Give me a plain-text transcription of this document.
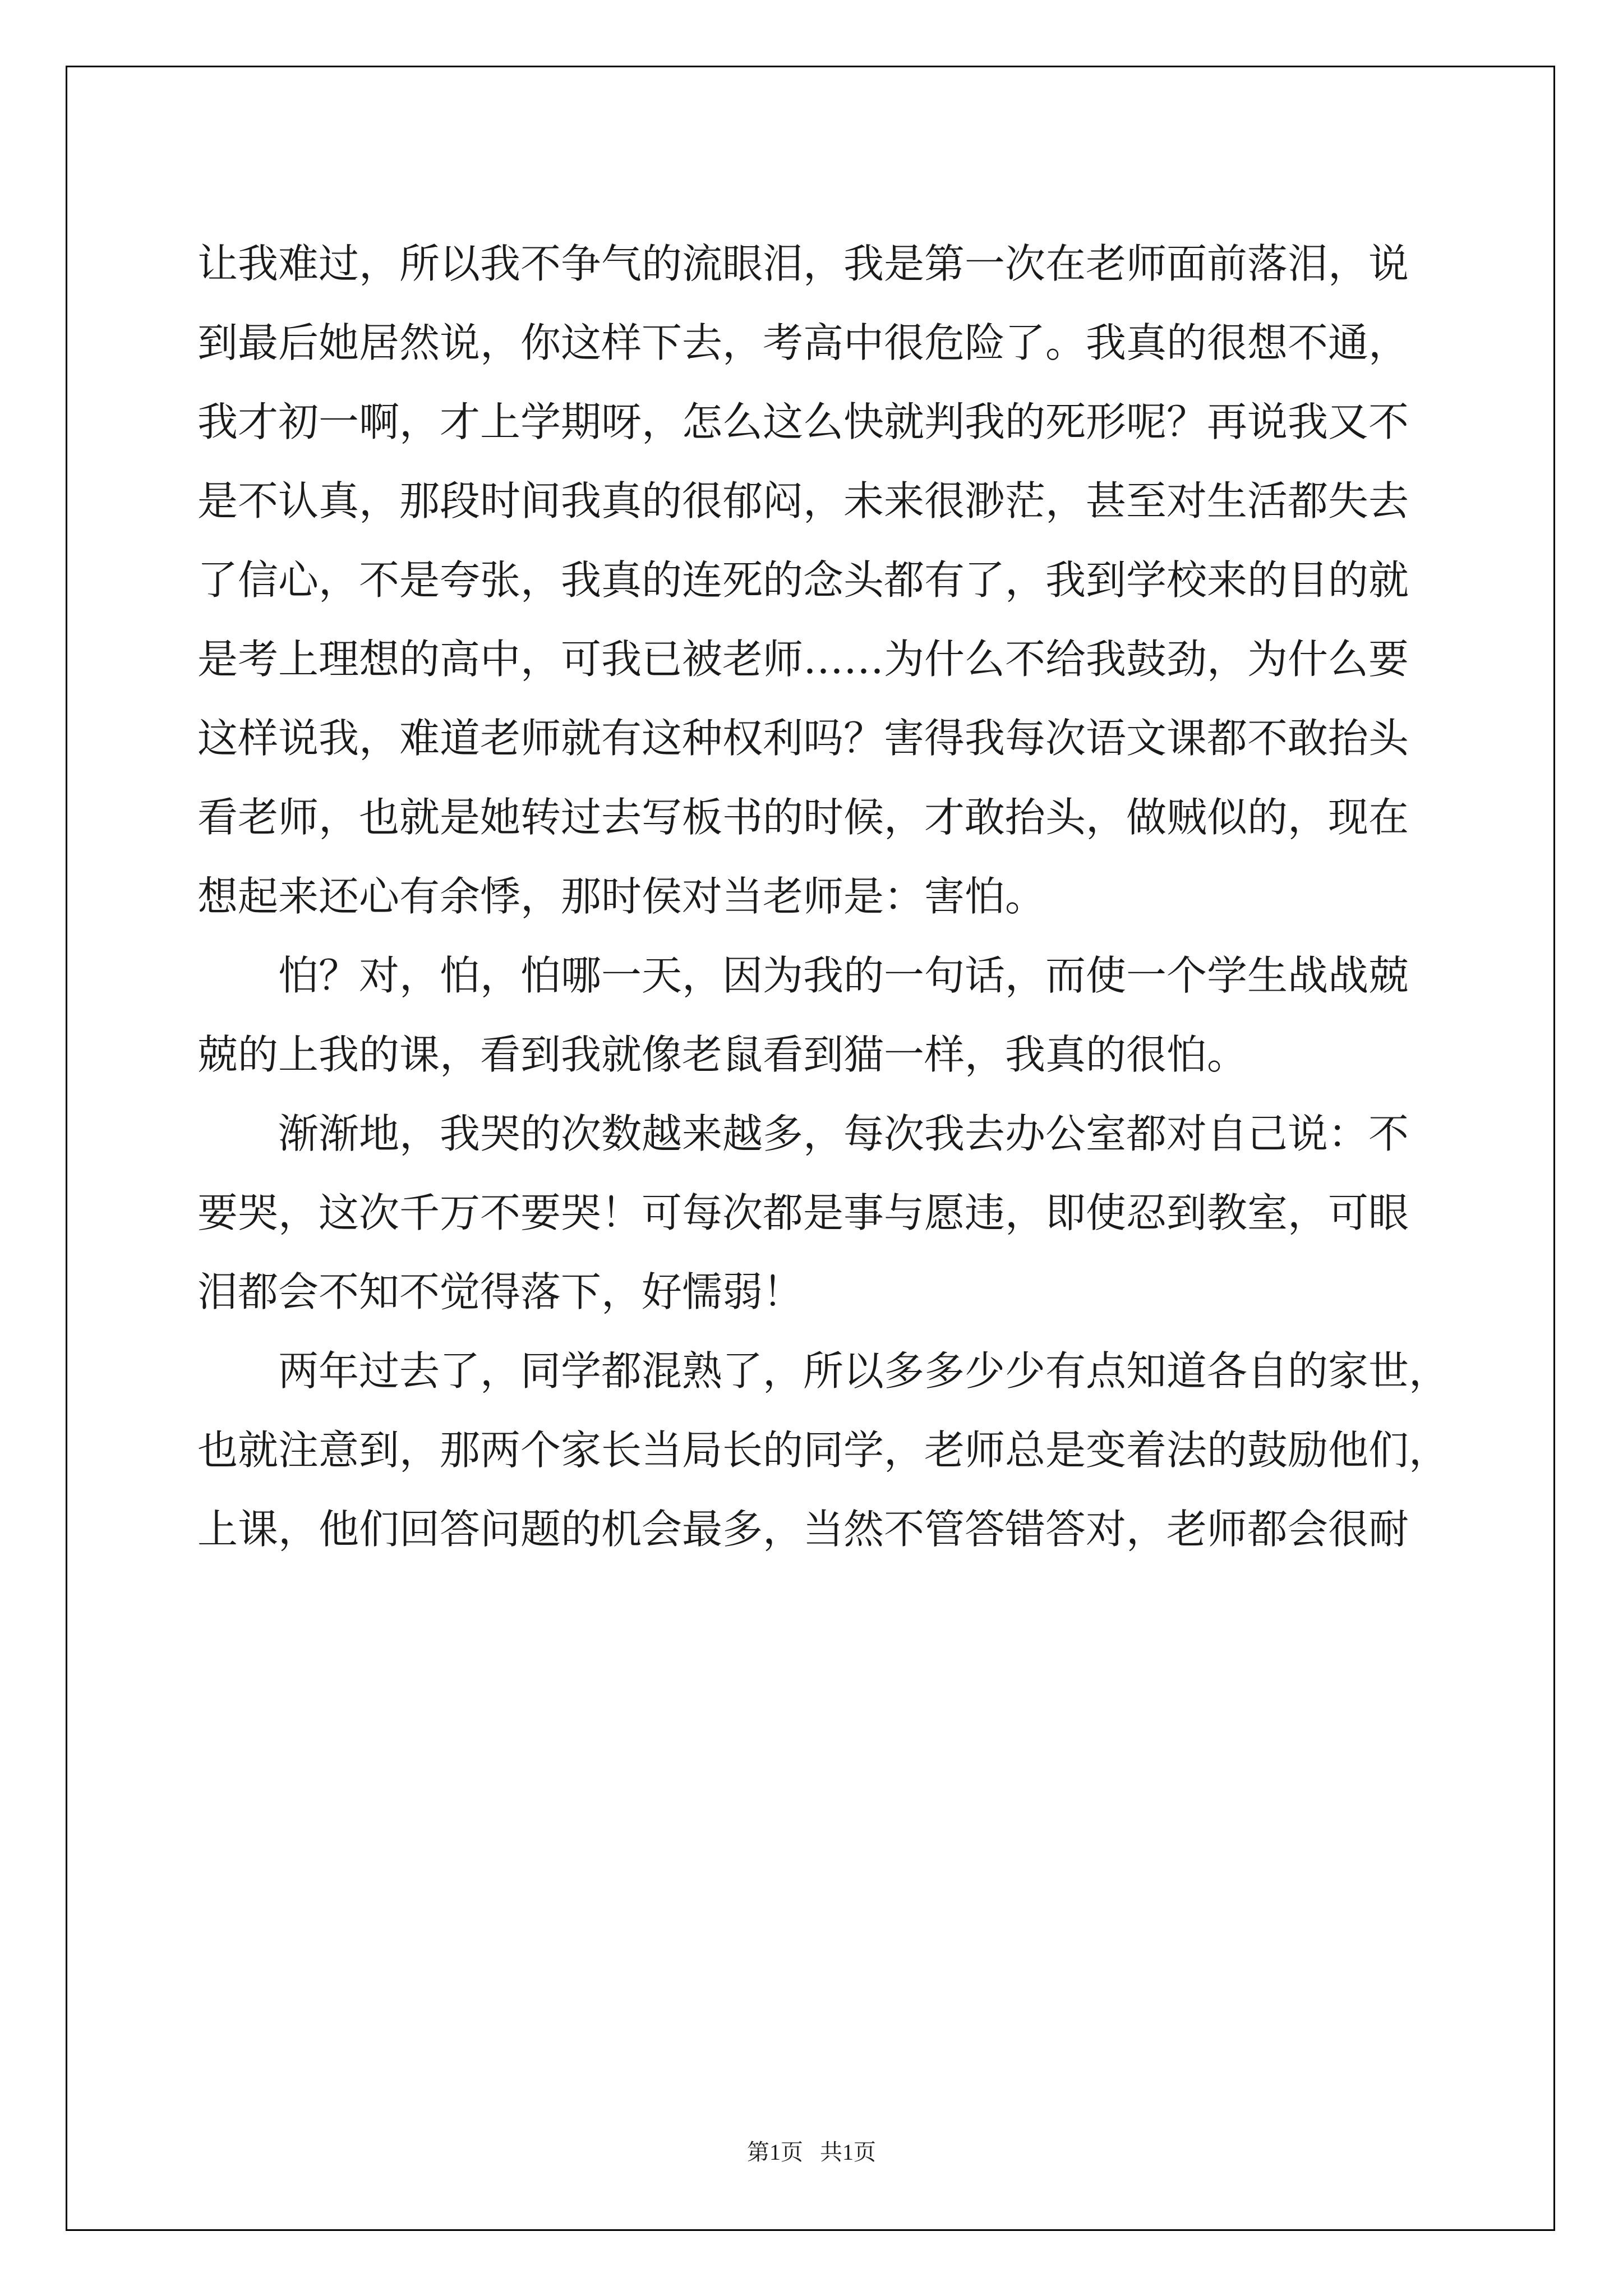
让我难过，所以我不争气的流眼泪，我是第一次在老师面前落泪，说
到最后她居然说，你这样下去，考高中很危险了。我真的很想不通，
我才初一啊，才上学期呀，怎么这么快就判我的死形呢？再说我又不
是不认真，那段时间我真的很郁闷，未来很渺茫，甚至对生活都失去
了信心，不是夸张，我真的连死的念头都有了，我到学校来的目的就
是考上理想的高中，可我已被老师……为什么不给我鼓劲，为什么要
这样说我，难道老师就有这种权利吗？害得我每次语文课都不敢抬头
看老师，也就是她转过去写板书的时候，才敢抬头，做贼似的，现在
想起来还心有余悸，那时侯对当老师是：害怕。
怕？对，怕，怕哪一天，因为我的一句话，而使一个学生战战兢
兢的上我的课，看到我就像老鼠看到猫一样，我真的很怕。
渐渐地，我哭的次数越来越多，每次我去办公室都对自己说：不
要哭，这次千万不要哭！可每次都是事与愿违，即使忍到教室，可眼
泪都会不知不觉得落下，好懦弱！
两年过去了，同学都混熟了，所以多多少少有点知道各自的家世，
也就注意到，那两个家长当局长的同学，老师总是变着法的鼓励他们，
上课，他们回答问题的机会最多，当然不管答错答对，老师都会很耐
第1页   共1页
